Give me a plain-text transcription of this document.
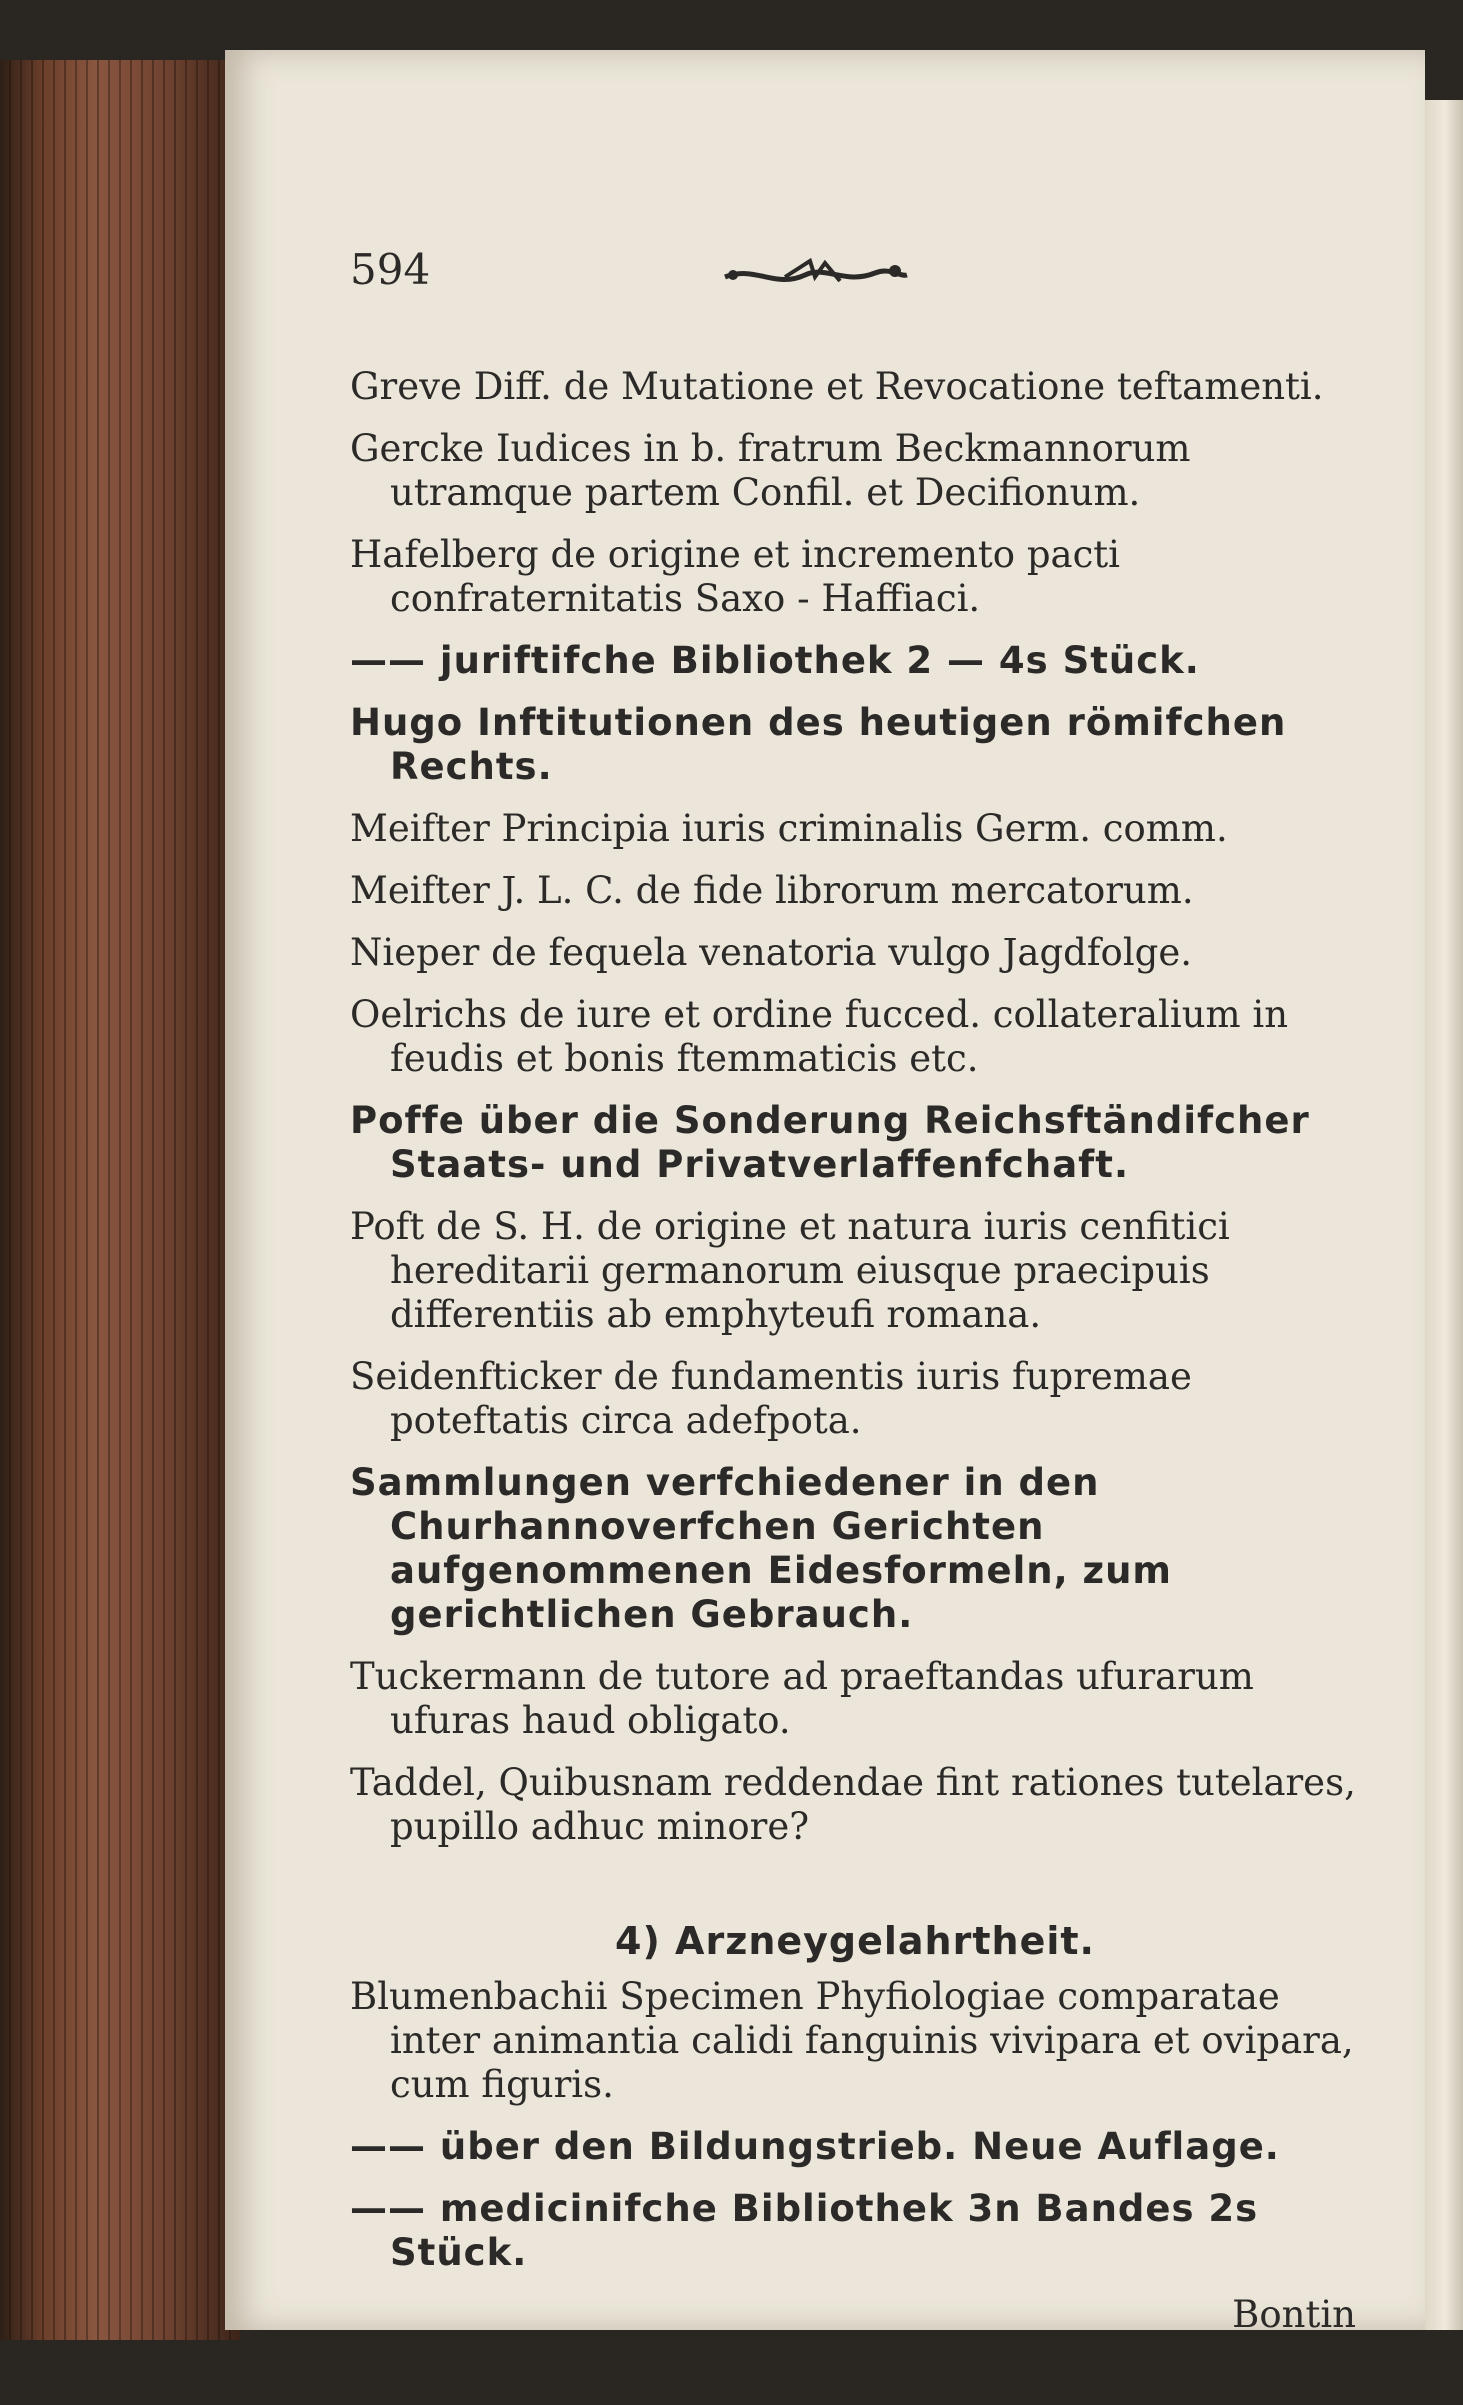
594
Greve Diff. de Mutatione et Revocatione teftamenti.
Gercke Iudices in b. fratrum Beckmannorum utramque partem Confil. et Decifionum.
Hafelberg de origine et incremento pacti confraternitatis Saxo - Haffiaci.
—— juriftifche Bibliothek 2 — 4s Stück.
Hugo Inftitutionen des heutigen römifchen Rechts.
Meifter Principia iuris criminalis Germ. comm.
Meifter J. L. C. de fide librorum mercatorum.
Nieper de fequela venatoria vulgo Jagdfolge.
Oelrichs de iure et ordine fucced. collateralium in feudis et bonis ftemmaticis etc.
Poffe über die Sonderung Reichsftändifcher Staats- und Privatverlaffenfchaft.
Poft de S. H. de origine et natura iuris cenfitici hereditarii germanorum eiusque praecipuis differentiis ab emphyteufi romana.
Seidenfticker de fundamentis iuris fupremae poteftatis circa adefpota.
Sammlungen verfchiedener in den Churhannoverfchen Gerichten aufgenommenen Eidesformeln, zum gerichtlichen Gebrauch.
Tuckermann de tutore ad praeftandas ufurarum ufuras haud obligato.
Taddel, Quibusnam reddendae fint rationes tutelares, pupillo adhuc minore?
4) Arzneygelahrtheit.
Blumenbachii Specimen Phyfiologiae comparatae inter animantia calidi fanguinis vivipara et ovipara, cum figuris.
—— über den Bildungstrieb. Neue Auflage.
—— medicinifche Bibliothek 3n Bandes 2s Stück.
Bontin
